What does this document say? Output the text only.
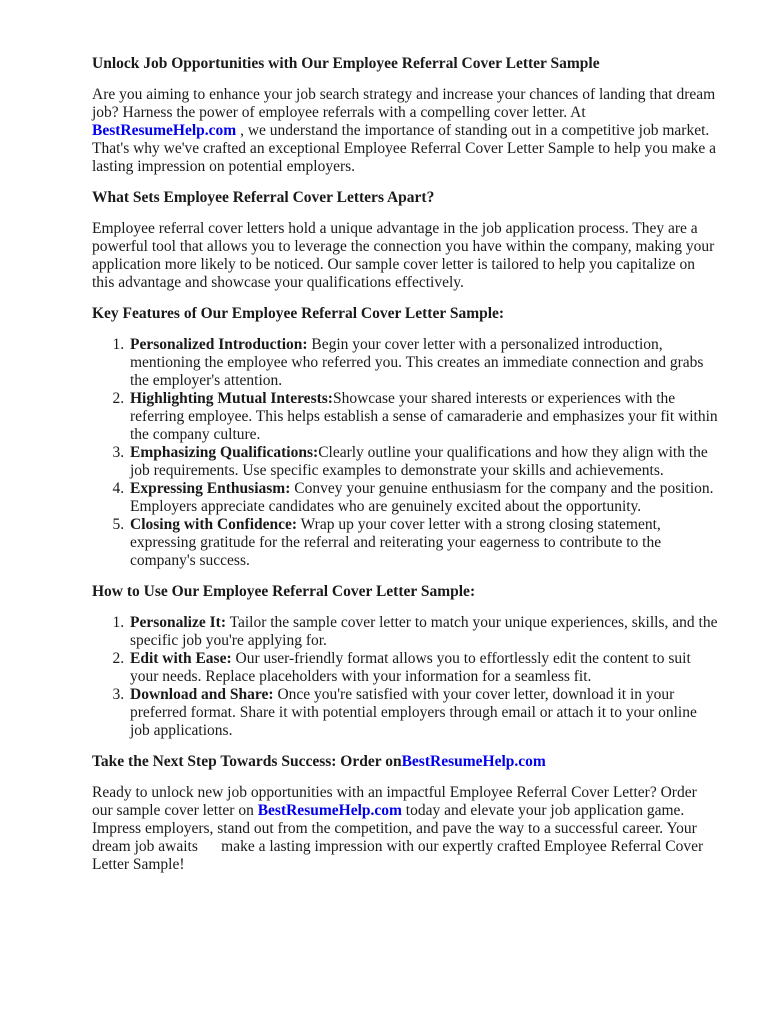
Unlock Job Opportunities with Our Employee Referral Cover Letter Sample

Are you aiming to enhance your job search strategy and increase your chances of landing that dream job? Harness the power of employee referrals with a compelling cover letter. At BestResumeHelp.com , we understand the importance of standing out in a competitive job market. That's why we've crafted an exceptional Employee Referral Cover Letter Sample to help you make a lasting impression on potential employers.

What Sets Employee Referral Cover Letters Apart?

Employee referral cover letters hold a unique advantage in the job application process. They are a powerful tool that allows you to leverage the connection you have within the company, making your application more likely to be noticed. Our sample cover letter is tailored to help you capitalize on this advantage and showcase your qualifications effectively.

Key Features of Our Employee Referral Cover Letter Sample:
1. Personalized Introduction: Begin your cover letter with a personalized introduction, mentioning the employee who referred you. This creates an immediate connection and grabs the employer's attention.
2. Highlighting Mutual Interests:Showcase your shared interests or experiences with the referring employee. This helps establish a sense of camaraderie and emphasizes your fit within the company culture.
3. Emphasizing Qualifications:Clearly outline your qualifications and how they align with the job requirements. Use specific examples to demonstrate your skills and achievements.
4. Expressing Enthusiasm: Convey your genuine enthusiasm for the company and the position. Employers appreciate candidates who are genuinely excited about the opportunity.
5. Closing with Confidence: Wrap up your cover letter with a strong closing statement, expressing gratitude for the referral and reiterating your eagerness to contribute to the company's success.
How to Use Our Employee Referral Cover Letter Sample:
1. Personalize It: Tailor the sample cover letter to match your unique experiences, skills, and the specific job you're applying for.
2. Edit with Ease: Our user-friendly format allows you to effortlessly edit the content to suit your needs. Replace placeholders with your information for a seamless fit.
3. Download and Share: Once you're satisfied with your cover letter, download it in your preferred format. Share it with potential employers through email or attach it to your online job applications.
Take the Next Step Towards Success: Order onBestResumeHelp.com

Ready to unlock new job opportunities with an impactful Employee Referral Cover Letter? Order our sample cover letter on BestResumeHelp.com today and elevate your job application game. Impress employers, stand out from the competition, and pave the way to a successful career. Your dream job awaits   make a lasting impression with our expertly crafted Employee Referral Cover Letter Sample!
